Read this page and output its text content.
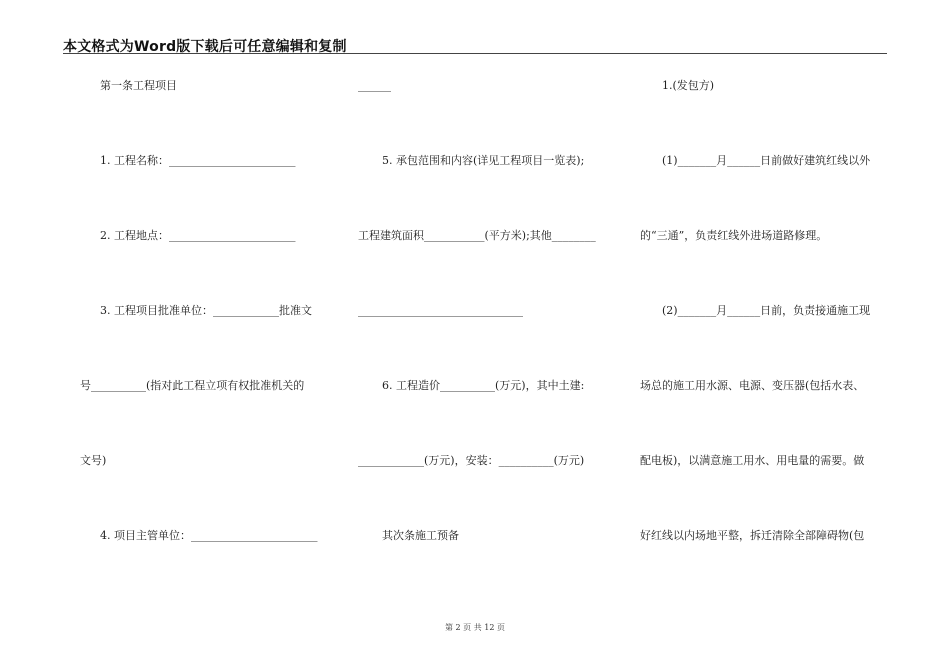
本文格式为Word版下载后可任意编辑和复制
第一条工程项目
1. 工程名称：_______________________
2. 工程地点：_______________________
3. 工程项目批准单位：____________批准文
号__________(指对此工程立项有权批准机关的
文号)
4. 项目主管单位：_______________________
______
5. 承包范围和内容(详见工程项目一览表);
工程建筑面积___________(平方米);其他________
______________________________
6. 工程造价__________(万元)，其中土建:
____________(万元)，安装：__________(万元)
其次条施工预备
1.(发包方)
(1)_______月______日前做好建筑红线以外
的“三通”，负责红线外进场道路修理。
(2)_______月______日前，负责接通施工现
场总的施工用水源、电源、变压器(包括水表、
配电板)，以满意施工用水、用电量的需要。做
好红线以内场地平整，拆迁清除全部障碍物(包
第 2 页 共 12 页
